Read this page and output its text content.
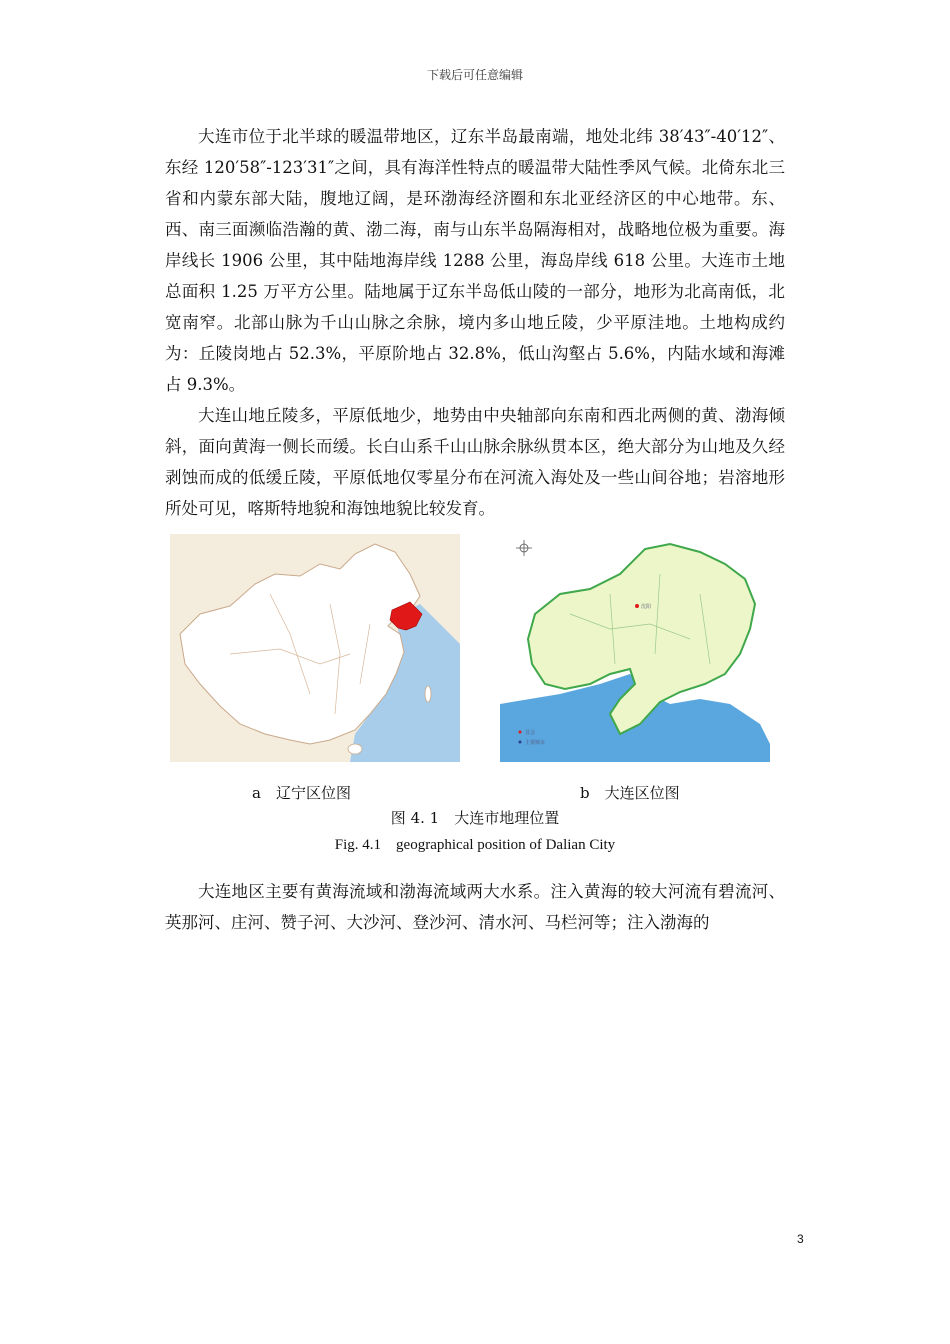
下载后可任意编辑

大连市位于北半球的暖温带地区，辽东半岛最南端，地处北纬 38′43″-40′12″、东经 120′58″-123′31″之间，具有海洋性特点的暖温带大陆性季风气候。北倚东北三省和内蒙东部大陆，腹地辽阔，是环渤海经济圈和东北亚经济区的中心地带。东、西、南三面濒临浩瀚的黄、渤二海，南与山东半岛隔海相对，战略地位极为重要。海岸线长 1906 公里，其中陆地海岸线 1288 公里，海岛岸线 618 公里。大连市土地总面积 1.25 万平方公里。陆地属于辽东半岛低山陵的一部分，地形为北高南低，北宽南窄。北部山脉为千山山脉之余脉，境内多山地丘陵，少平原洼地。土地构成约为：丘陵岗地占 52.3%，平原阶地占 32.8%，低山沟壑占 5.6%，内陆水域和海滩占 9.3%。

大连山地丘陵多，平原低地少，地势由中央轴部向东南和西北两侧的黄、渤海倾斜，面向黄海一侧长而缓。长白山系千山山脉余脉纵贯本区，绝大部分为山地及久经剥蚀而成的低缓丘陵，平原低地仅零星分布在河流入海处及一些山间谷地；岩溶地形所处可见，喀斯特地貌和海蚀地貌比较发育。

沈阳
首会
主要城市
a　辽宁区位图	b　大连区位图
图 4. 1　大连市地理位置
Fig. 4.1　geographical position of Dalian City

大连地区主要有黄海流域和渤海流域两大水系。注入黄海的较大河流有碧流河、英那河、庄河、赞子河、大沙河、登沙河、清水河、马栏河等；注入渤海的

3
